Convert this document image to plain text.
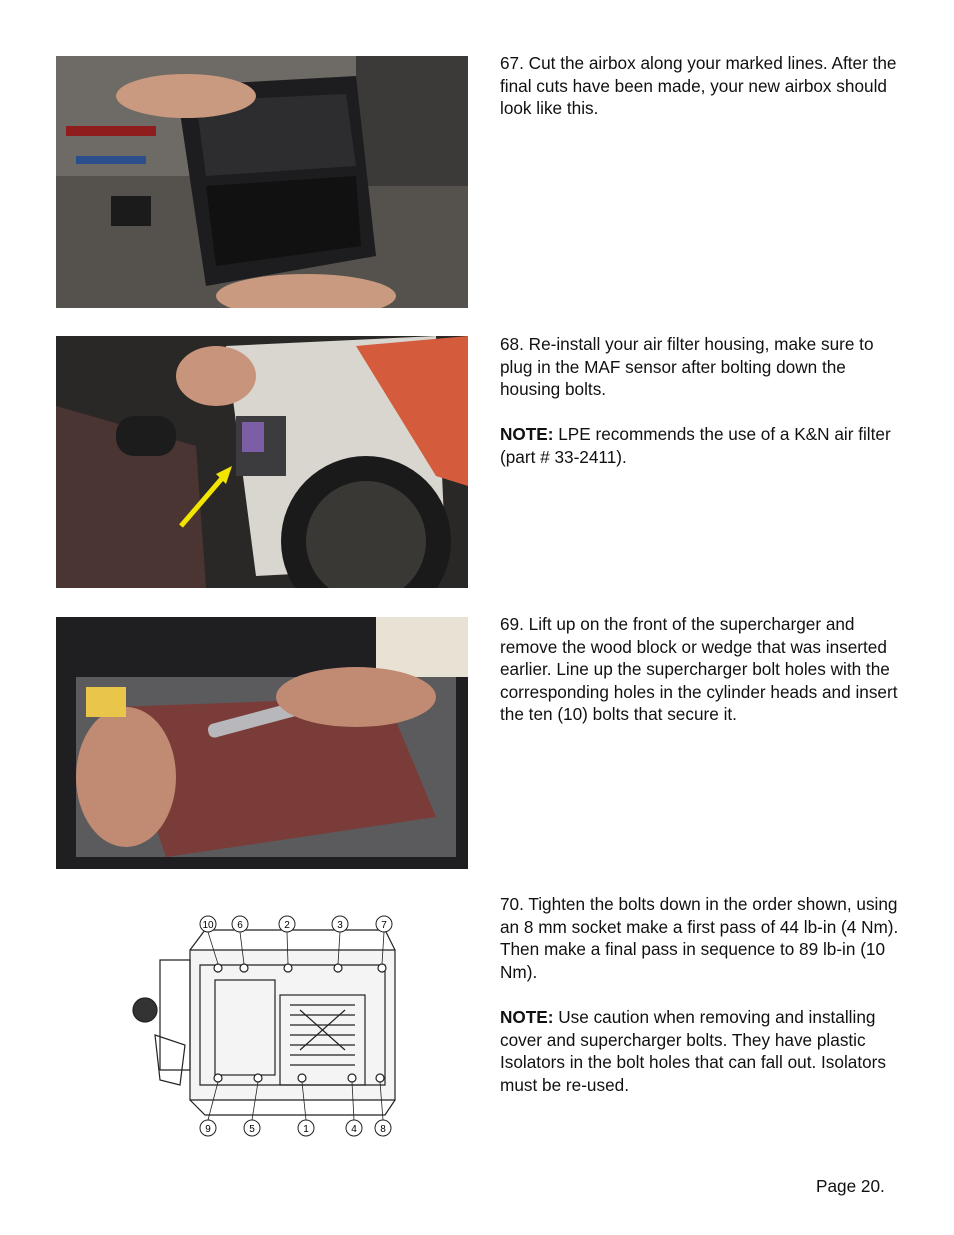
67. Cut the airbox along your marked lines. After the final cuts have been made, your new airbox should look like this.

68. Re-install your air filter housing, make sure to plug in the MAF sensor after bolting down the housing bolts.

NOTE: LPE recommends the use of a K&N air filter (part # 33-2411).

69. Lift up on the front of the supercharger and remove the wood block or wedge that was inserted earlier. Line up the supercharger bolt holes with the corresponding holes in the cylinder heads and insert the ten (10) bolts that secure it.

10 6	2	3	7
9	5	1	4 8

70. Tighten the bolts down in the order shown, using an 8 mm socket make a first pass of 44 lb-in (4 Nm). Then make a final pass in sequence to 89 lb-in (10 Nm).

NOTE: Use caution when removing and installing cover and supercharger bolts. They have plastic Isolators in the bolt holes that can fall out. Isolators must be re-used.

Page 20.
